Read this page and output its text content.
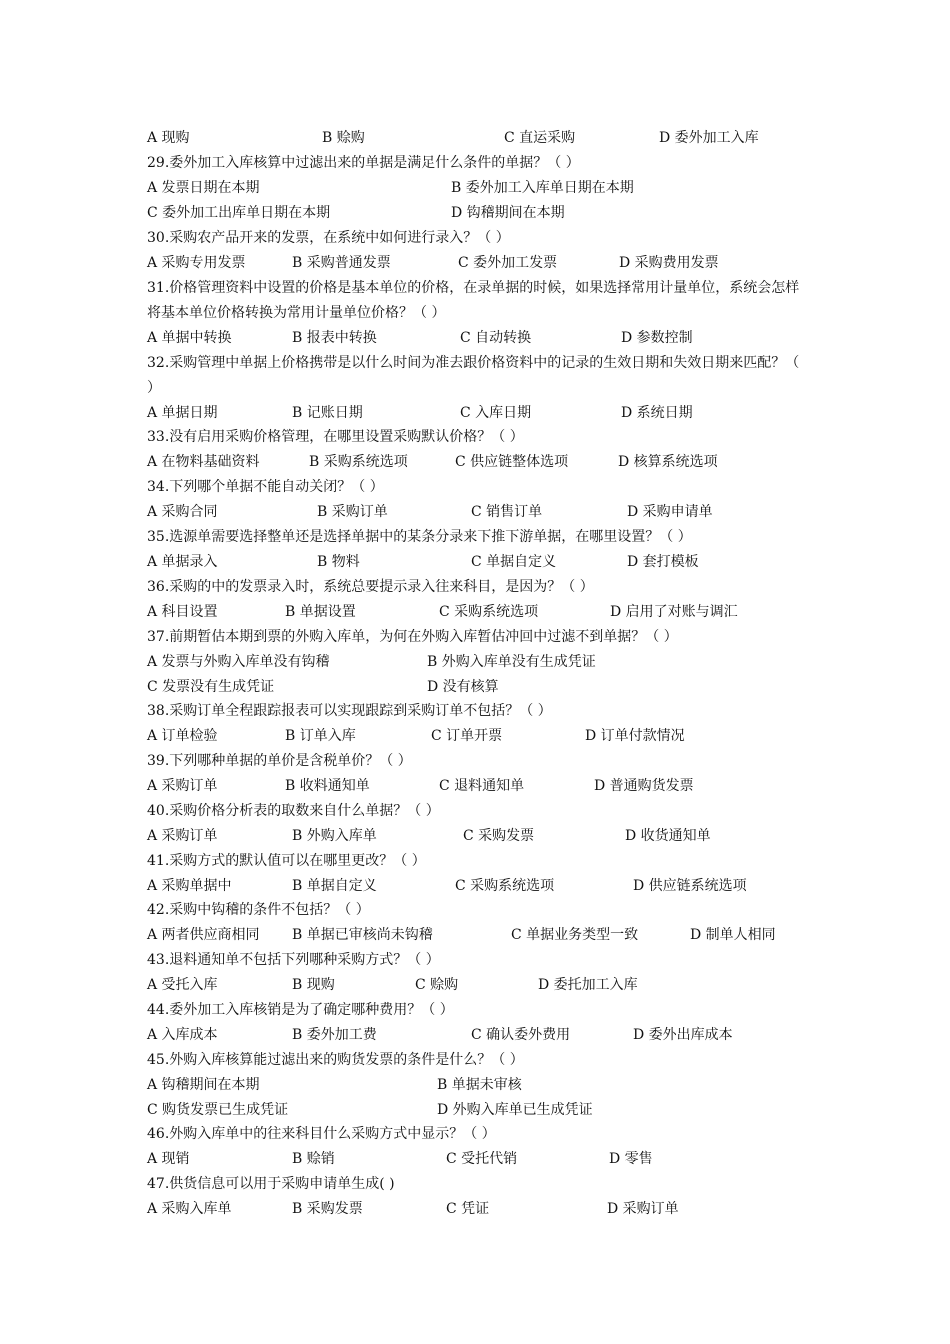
A 现购	B 赊购	C 直运采购	D 委外加工入库
29.委外加工入库核算中过滤出来的单据是满足什么条件的单据？（ ）
A 发票日期在本期	B 委外加工入库单日期在本期
C 委外加工出库单日期在本期	D 钩稽期间在本期
30.采购农产品开来的发票，在系统中如何进行录入？（ ）
A 采购专用发票	B 采购普通发票	C 委外加工发票	D 采购费用发票
31.价格管理资料中设置的价格是基本单位的价格，在录单据的时候，如果选择常用计量单位，系统会怎样
将基本单位价格转换为常用计量单位价格？（ ）
A 单据中转换	B 报表中转换	C 自动转换	D 参数控制
32.采购管理中单据上价格携带是以什么时间为准去跟价格资料中的记录的生效日期和失效日期来匹配？（
）
A 单据日期	B 记账日期	C 入库日期	D 系统日期
33.没有启用采购价格管理，在哪里设置采购默认价格？（ ）
A 在物料基础资料	B 采购系统选项	C 供应链整体选项	D 核算系统选项
34.下列哪个单据不能自动关闭？（ ）
A 采购合同	B 采购订单	C 销售订单	D 采购申请单
35.选源单需要选择整单还是选择单据中的某条分录来下推下游单据，在哪里设置？（ ）
A 单据录入	B 物料	C 单据自定义	D 套打模板
36.采购的中的发票录入时，系统总要提示录入往来科目，是因为？（ ）
A 科目设置	B 单据设置	C 采购系统选项	D 启用了对账与调汇
37.前期暂估本期到票的外购入库单，为何在外购入库暂估冲回中过滤不到单据？（ ）
A 发票与外购入库单没有钩稽	B 外购入库单没有生成凭证
C 发票没有生成凭证	D 没有核算
38.采购订单全程跟踪报表可以实现跟踪到采购订单不包括？（ ）
A 订单检验	B 订单入库	C 订单开票	D 订单付款情况
39.下列哪种单据的单价是含税单价？（ ）
A 采购订单	B 收料通知单	C 退料通知单	D 普通购货发票
40.采购价格分析表的取数来自什么单据？（ ）
A 采购订单	B 外购入库单	C 采购发票	D 收货通知单
41.采购方式的默认值可以在哪里更改？（ ）
A 采购单据中	B 单据自定义	C 采购系统选项	D 供应链系统选项
42.采购中钩稽的条件不包括？（ ）
A 两者供应商相同 B 单据已审核尚未钩稽	C 单据业务类型一致	D 制单人相同
43.退料通知单不包括下列哪种采购方式？（ ）
A 受托入库	B 现购	C 赊购	D 委托加工入库
44.委外加工入库核销是为了确定哪种费用？（ ）
A 入库成本	B 委外加工费	C 确认委外费用	D 委外出库成本
45.外购入库核算能过滤出来的购货发票的条件是什么？（ ）
A 钩稽期间在本期	B 单据未审核
C 购货发票已生成凭证	D 外购入库单已生成凭证
46.外购入库单中的往来科目什么采购方式中显示？（ ）
A 现销	B 赊销	C 受托代销	D 零售
47.供货信息可以用于采购申请单生成( )
A 采购入库单	B 采购发票	C 凭证	D 采购订单
